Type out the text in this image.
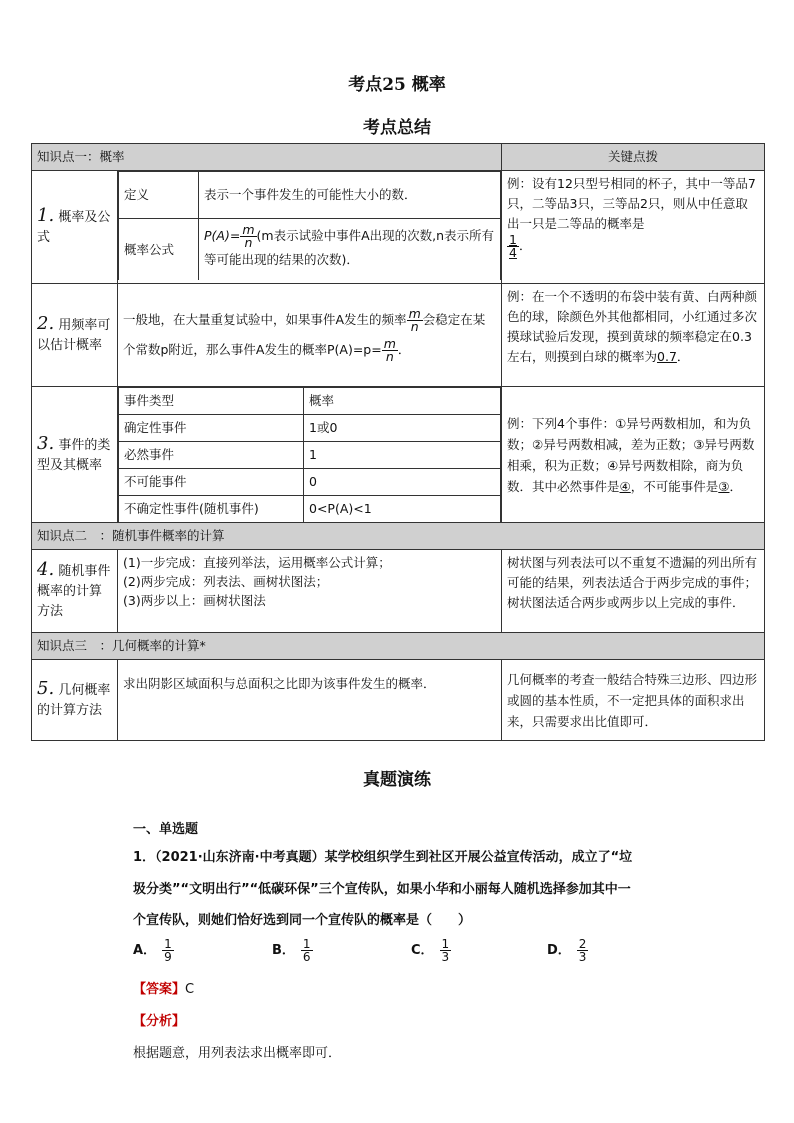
考点25 概率
考点总结
知识点一：概率	关键点拨
1. 概率及公式	
定义	表示一个事件发生的可能性大小的数．
概率公式	$P(A)= \frac{m}{n} (m$表示试验中事件A出现的次数,n表示所有等可能出现的结果的次数)．
	例：设有12只型号相同的杯子，其中一等品7只，二等品3只，三等品2只，则从中任意取出一只是二等品的概率是

$\frac{1}{4}$ ．
2. 用频率可以估计概率	一般地，在大量重复试验中，如果事件A发生的频率 $\frac{m}{n}$ 会稳定在某个常数p附近，那么事件A发生的概率$P(A)=p= \frac{m}{n}$ ．	例：在一个不透明的布袋中装有黄、白两种颜色的球，除颜色外其他都相同，小红通过多次摸球试验后发现，摸到黄球的频率稳定在0.3左右，则摸到白球的概率为0.7．
3. 事件的类型及其概率	
事件类型	概率
确定性事件	1或0
必然事件	1
不可能事件	0
不确定性事件(随机事件)	0<P(A)<1
	例：下列4个事件：①异号两数相加，和为负数；②异号两数相减，差为正数；③异号两数相乘，积为正数；④异号两数相除，商为负数．其中必然事件是④，不可能事件是③．
知识点二　：随机事件概率的计算
4. 随机事件概率的计算方法	
(1)一步完成：直接列举法，运用概率公式计算；
(2)两步完成：列表法、画树状图法；
(3)两步以上：画树状图法
	树状图与列表法可以不重复不遗漏的列出所有可能的结果，列表法适合于两步完成的事件；树状图法适合两步或两步以上完成的事件．
知识点三　：几何概率的计算*
5. 几何概率的计算方法	求出阴影区域面积与总面积之比即为该事件发生的概率．	几何概率的考查一般结合特殊三边形、四边形或圆的基本性质，不一定把具体的面积求出来，只需要求出比值即可．
真题演练
一、单选题
1．（2021·山东济南·中考真题）某学校组织学生到社区开展公益宣传活动，成立了“垃
圾分类”“文明出行”“低碳环保”三个宣传队，如果小华和小丽每人随机选择参加其中一
个宣传队，则她们恰好选到同一个宣传队的概率是（　　）
A． $\frac{1}{9}$	B． $\frac{1}{6}$	C． $\frac{1}{3}$	D． $\frac{2}{3}$
【答案】C
【分析】
根据题意，用列表法求出概率即可．
